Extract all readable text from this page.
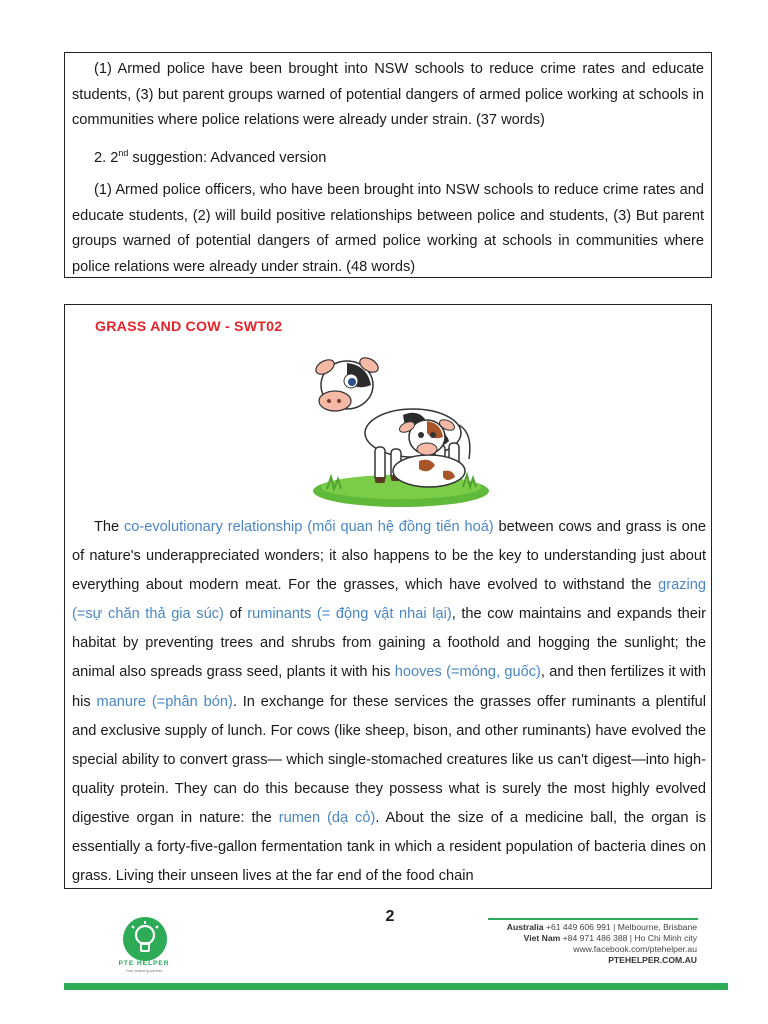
(1) Armed police have been brought into NSW schools to reduce crime rates and educate students, (3) but parent groups warned of potential dangers of armed police working at schools in communities where police relations were already under strain. (37 words)

2. 2nd suggestion: Advanced version

(1) Armed police officers, who have been brought into NSW schools to reduce crime rates and educate students, (2) will build positive relationships between police and students, (3) But parent groups warned of potential dangers of armed police working at schools in communities where police relations were already under strain. (48 words)

GRASS AND COW - SWT02

The co-evolutionary relationship (mối quan hệ đồng tiến hoá) between cows and grass is one of nature's underappreciated wonders; it also happens to be the key to understanding just about everything about modern meat. For the grasses, which have evolved to withstand the grazing (=sự chăn thả gia súc) of ruminants (= động vật nhai lại), the cow maintains and expands their habitat by preventing trees and shrubs from gaining a foothold and hogging the sunlight; the animal also spreads grass seed, plants it with his hooves (=móng, guốc), and then fertilizes it with his manure (=phân bón). In exchange for these services the grasses offer ruminants a plentiful and exclusive supply of lunch. For cows (like sheep, bison, and other ruminants) have evolved the special ability to convert grass— which single-stomached creatures like us can't digest—into high-quality protein. They can do this because they possess what is surely the most highly evolved digestive organ in nature: the rumen (dạ cỏ). About the size of a medicine ball, the organ is essentially a forty-five-gallon fermentation tank in which a resident population of bacteria dines on grass. Living their unseen lives at the far end of the food chain

2
PTE HELPER
Your learning partner
Australia +61 449 606 991 | Melbourne, Brisbane
Viet Nam +84 971 486 388 | Ho Chi Minh city
www.facebook.com/ptehelper.au
PTEHELPER.COM.AU
